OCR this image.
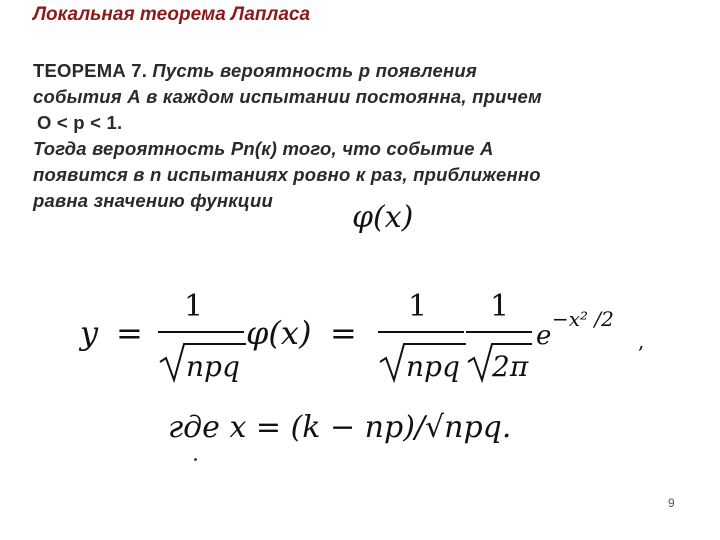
Локальная теорема Лапласа
ТЕОРЕМА 7. Пусть вероятность р появления
события А в каждом испытании постоянна, причем
О < р < 1.
Тогда вероятность Рn(к) того, что событие А
появится в n испытаниях ровно к раз, приближенно
равна значению функции	φ(x)
y =
1
npq
φ(x) =
1
npq
1
2π
e
−x² /2
,
где x = (k − np)/√npq.
9
